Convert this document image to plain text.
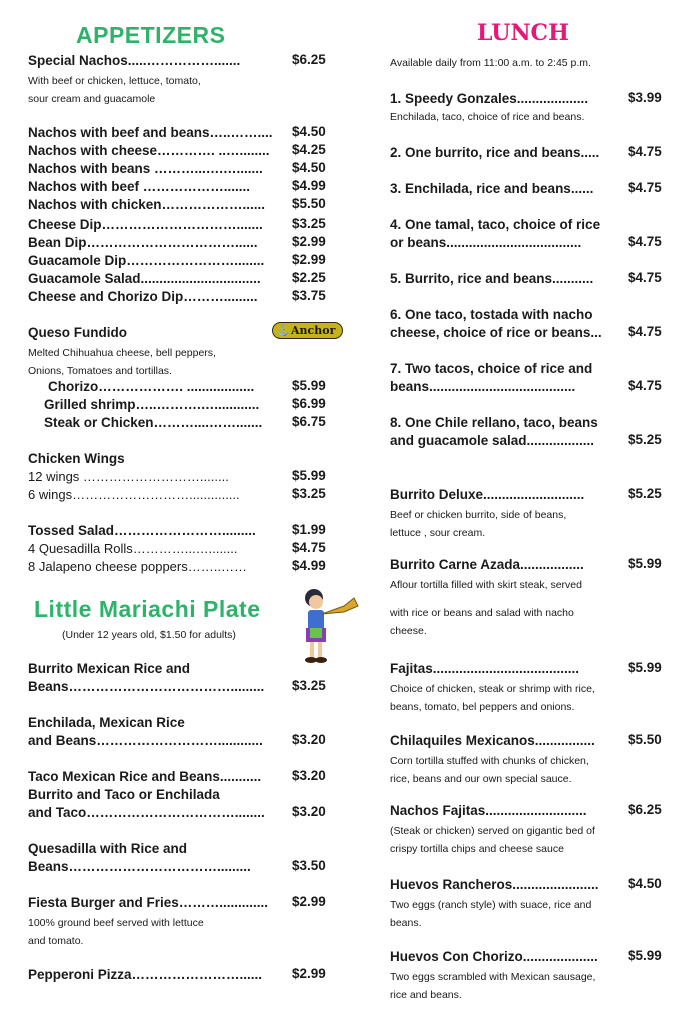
APPETIZERS
Special Nachos.....…………….......	$6.25
With beef or chicken, lettuce, tomato,
sour cream and guacamole
Nachos with beef and beans…..…….... $4.50
Nachos with cheese…………. ..…........ $4.25
Nachos with beans ………...….…....... $4.50
Nachos with beef ……………….......	$4.99
Nachos with chicken………………...... $5.50
Cheese Dip…………………………....... $3.25
Bean Dip……………………………......	$2.99
Guacamole Dip……………………........ $2.99
Guacamole Salad................................ $2.25
Cheese and Chorizo Dip……….........	$3.75
Queso Fundido	⚓ Anchor
Melted Chihuahua cheese, bell peppers,
Onions, Tomatoes and tortillas.
Chorizo………………. ..................	$5.99
Grilled shrimp…..……….…............ $6.99
Steak or Chicken………....……....... $6.75
Chicken Wings
12 wings ………………………........	$5.99
6 wings………………………..............	$3.25
Tossed Salad…………………….........	$1.99
4 Quesadilla Rolls…………...…........	$4.75
8 Jalapeno cheese poppers……..……	$4.99
Little Mariachi Plate
(Under 12 years old, $1.50 for adults)
Burrito Mexican Rice and
Beans………………………………......... $3.25
Enchilada, Mexican Rice
and Beans………………………............ $3.20
Taco Mexican Rice and Beans........... $3.20
Burrito and Taco or Enchilada
and Taco……………………………........ $3.20
Quesadilla with Rice and
Beans…………………………….........	$3.50
Fiesta Burger and Fries………............. $2.99
100% ground beef served with lettuce
and tomato.
Pepperoni Pizza……………………...... $2.99
LUNCH
Available daily from 11:00 a.m. to 2:45 p.m.
1. Speedy Gonzales...................	$3.99
Enchilada, taco, choice of rice and beans.
2. One burrito, rice and beans..... $4.75
3. Enchilada, rice and beans......	$4.75
4. One tamal, taco, choice of rice
or beans....................................	$4.75
5. Burrito, rice and beans...........	$4.75
6. One taco, tostada with nacho
cheese, choice of rice or beans... $4.75
7. Two tacos, choice of rice and
beans.......................................	$4.75
8. One Chile rellano, taco, beans
and guacamole salad..................	$5.25
Burrito Deluxe...........................	$5.25
Beef or chicken burrito, side of beans,
lettuce , sour cream.
Burrito Carne Azada.................	$5.99
Aflour tortilla filled with skirt steak, served
with rice or beans and salad with nacho
cheese.
Fajitas.......................................	$5.99
Choice of chicken, steak or shrimp with rice,
beans, tomato, bel peppers and onions.
Chilaquiles Mexicanos................ $5.50
Corn tortilla stuffed with chunks of chicken,
rice, beans and our own special sauce.
Nachos Fajitas...........................	$6.25
(Steak or chicken) served on gigantic bed of
crispy tortilla chips and cheese sauce
Huevos Rancheros....................... $4.50
Two eggs (ranch style) with suace, rice and
beans.
Huevos Con Chorizo.................... $5.99
Two eggs scrambled with Mexican sausage,
rice and beans.
